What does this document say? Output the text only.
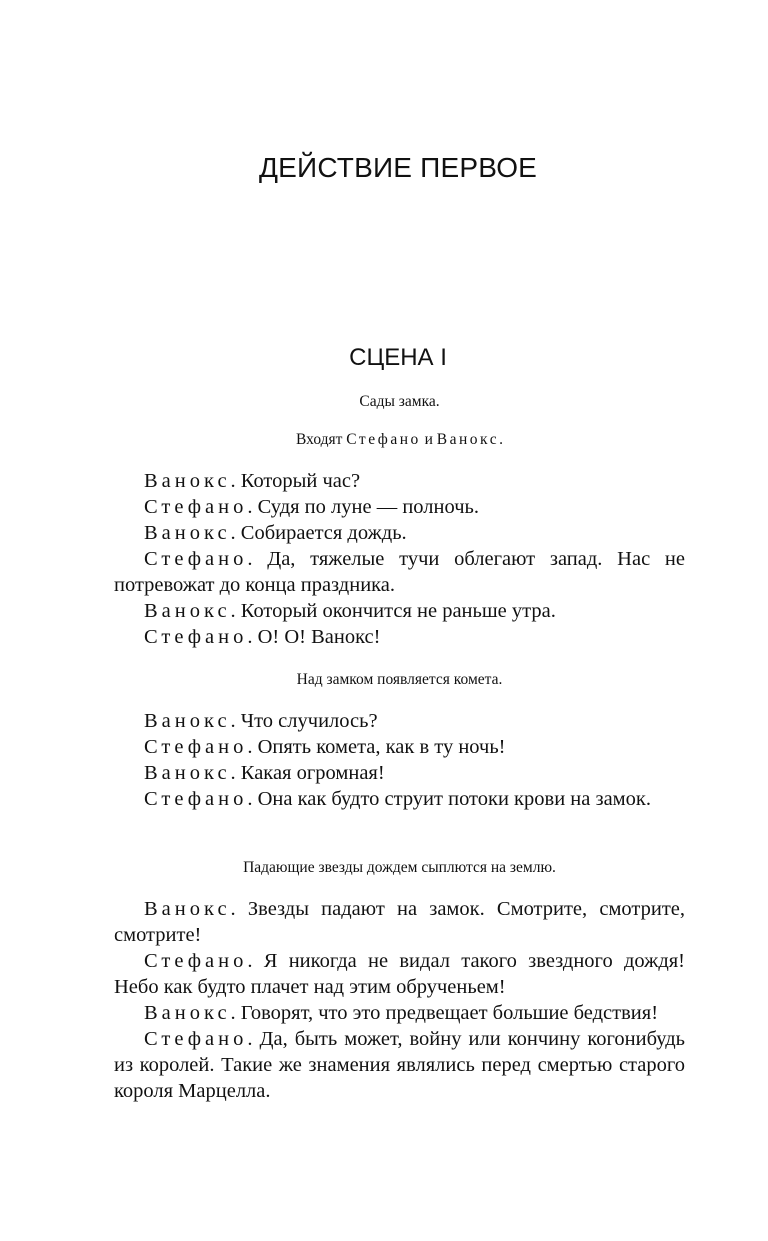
ДЕЙСТВИЕ ПЕРВОЕ
СЦЕНА I
Сады замка.
Входят Стефано и Ванокс.

Ванокс. Который час?

Стефано. Судя по луне — полночь.

Ванокс. Собирается дождь.

Стефано. Да, тяжелые тучи облегают запад. Нас не потревожат до конца праздника.

Ванокс. Который окончится не раньше утра.

Стефано. О! О! Ванокс!

Над замком появляется комета.

Ванокс. Что случилось?

Стефано. Опять комета, как в ту ночь!

Ванокс. Какая огромная!

Стефано. Она как будто струит потоки крови на замок.

Падающие звезды дождем сыплются на землю.

Ванокс. Звезды падают на замок. Смотрите, смотрите, смотрите!

Стефано. Я никогда не видал такого звездного дождя! Небо как будто плачет над этим обрученьем!

Ванокс. Говорят, что это предвещает большие бедствия!

Стефано. Да, быть может, войну или кончину когонибудь из королей. Такие же знамения являлись перед смертью старого короля Марцелла.
